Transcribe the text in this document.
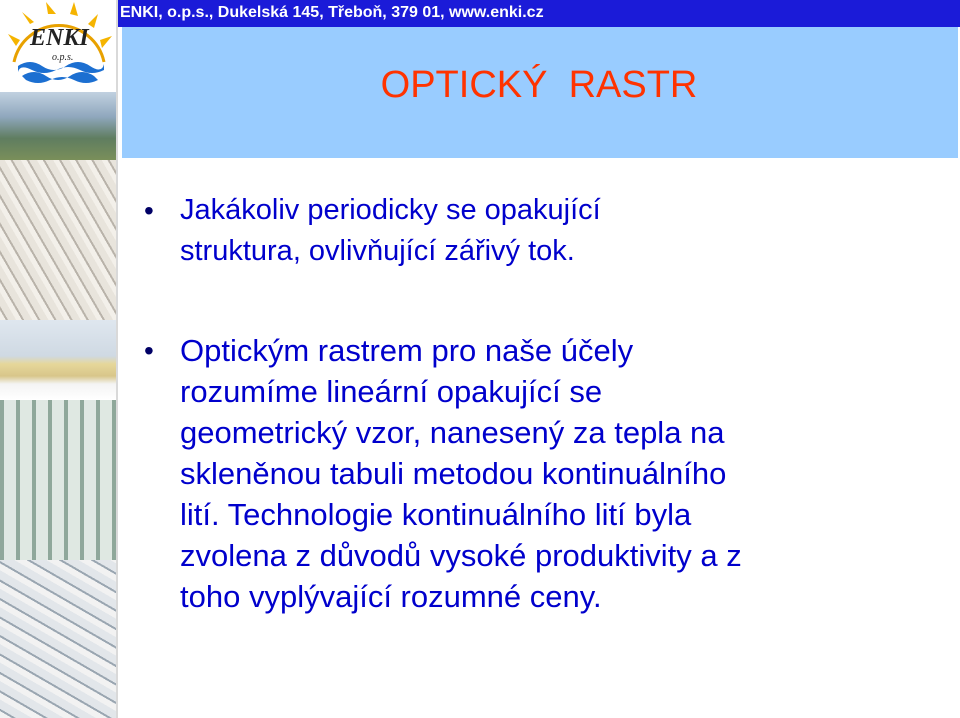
ENKI
o.p.s.
ENKI, o.p.s., Dukelská 145, Třeboň, 379 01, www.enki.cz
OPTICKÝ  RASTR
• Jakákoliv periodicky se opakující
struktura, ovlivňující zářivý tok.
• Optickým rastrem pro naše účely
rozumíme lineární opakující se
geometrický vzor, nanesený za tepla na
skleněnou tabuli metodou kontinuálního
lití. Technologie kontinuálního lití byla
zvolena z důvodů vysoké produktivity a z
toho vyplývající rozumné ceny.
